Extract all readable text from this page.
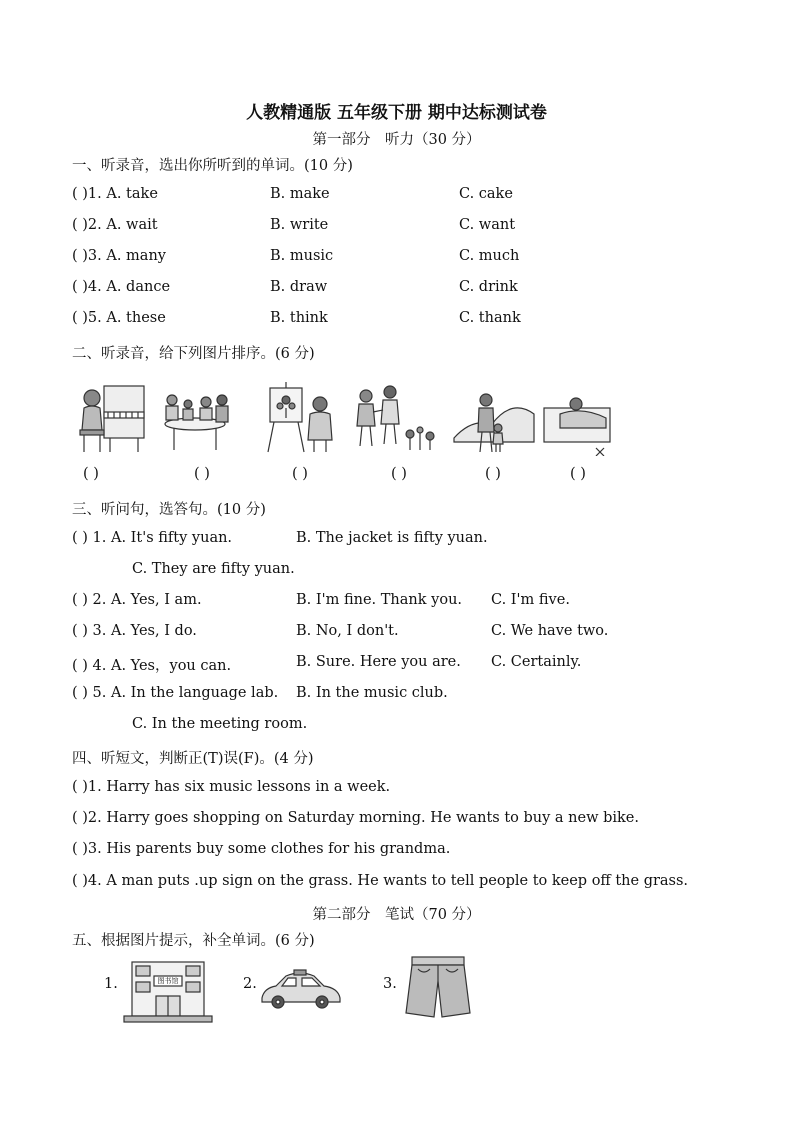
人教精通版 五年级下册 期中达标测试卷
第一部分　听力（30 分）
一、听录音，选出你所听到的单词。(10 分)
( )1. A. take	B. make	C. cake
( )2. A. wait	B. write	C. want
( )3. A. many	B. music	C. much
( )4. A. dance	B. draw	C. drink
( )5. A. these	B. think	C. thank
二、听录音，给下列图片排序。(6 分)
( )	( )	( )	( )	( )	( )
三、听问句，选答句。(10 分)
( ) 1. A. It's fifty yuan.	B. The jacket is fifty yuan.
C. They are fifty yuan.
( ) 2. A. Yes, I am.	B. I'm fine. Thank you. C. I'm five.
( ) 3. A. Yes, I do.	B. No, I don't.	C. We have two.
( ) 4. A. Yes，you can.	B. Sure. Here you are. C. Certainly.
( ) 5. A. In the language lab. B. In the music club.
C. In the meeting room.
四、听短文，判断正(T)误(F)。(4 分)
( )1. Harry has six music lessons in a week.
( )2. Harry goes shopping on Saturday morning. He wants to buy a new bike.
( )3. His parents buy some clothes for his grandma.
( )4. A man puts .up sign on the grass. He wants to tell people to keep off the grass.
第二部分　笔试（70 分）
五、根据图片提示，补全单词。(6 分)
1.	图书馆	2.	3.
